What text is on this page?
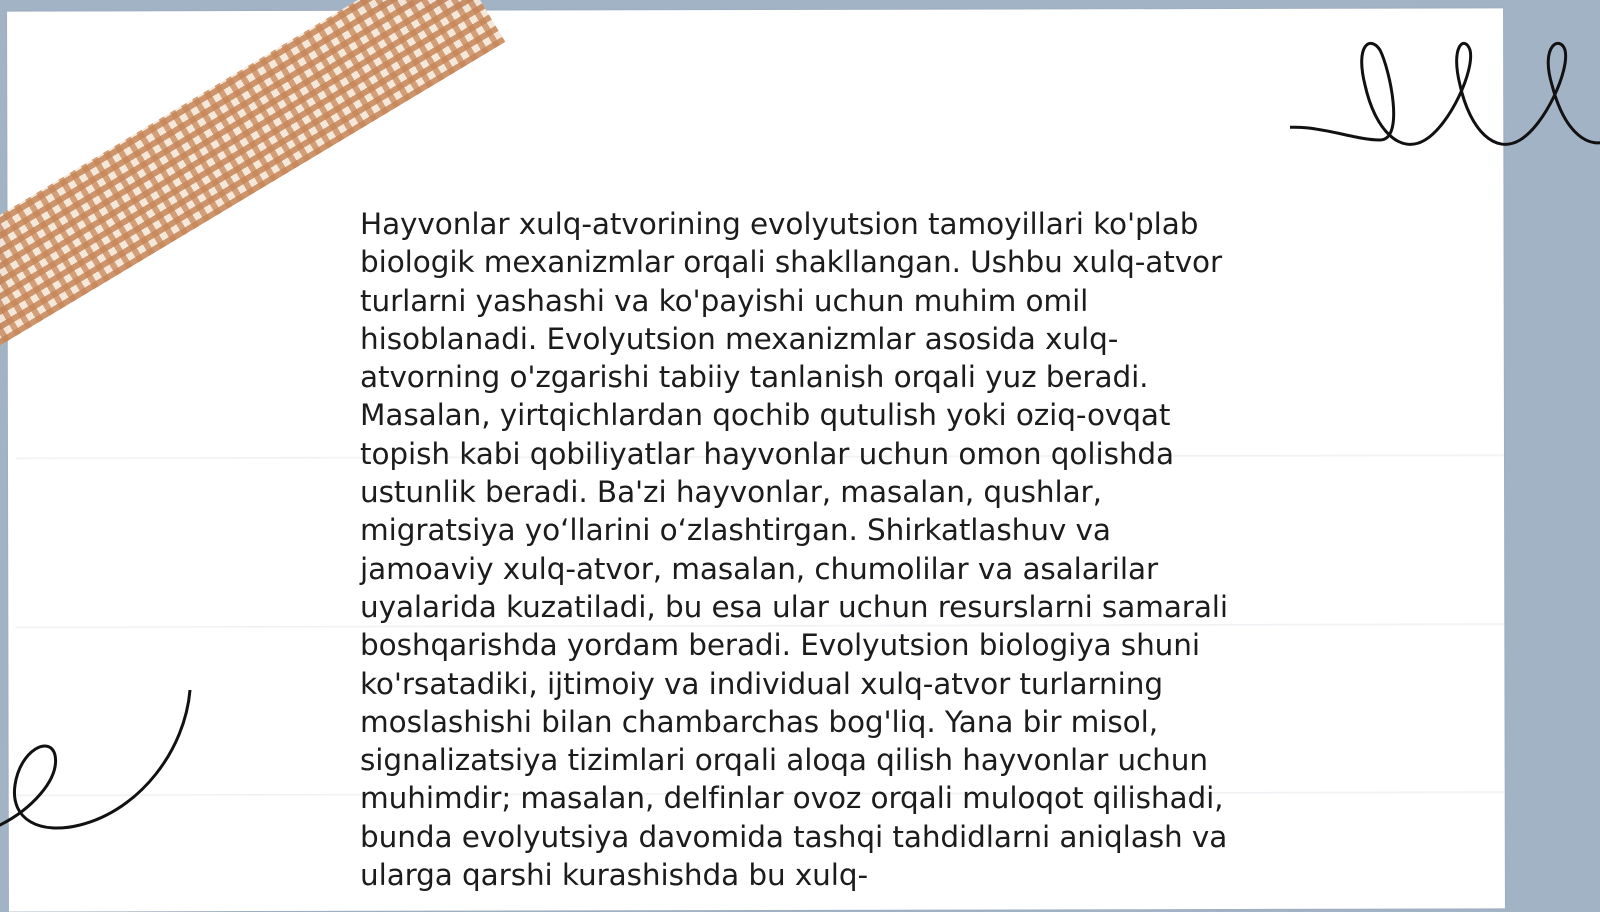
Hayvonlar xulq-atvorining evolyutsion tamoyillari ko'plab biologik mexanizmlar orqali shakllangan. Ushbu xulq-atvor turlarni yashashi va ko'payishi uchun muhim omil hisoblanadi. Evolyutsion mexanizmlar asosida xulq-atvorning o'zgarishi tabiiy tanlanish orqali yuz beradi. Masalan, yirtqichlardan qochib qutulish yoki oziq-ovqat topish kabi qobiliyatlar hayvonlar uchun omon qolishda ustunlik beradi. Ba'zi hayvonlar, masalan, qushlar, migratsiya yo‘llarini o‘zlashtirgan. Shirkatlashuv va jamoaviy xulq-atvor, masalan, chumolilar va asalarilar uyalarida kuzatiladi, bu esa ular uchun resurslarni samarali boshqarishda yordam beradi. Evolyutsion biologiya shuni ko'rsatadiki, ijtimoiy va individual xulq-atvor turlarning moslashishi bilan chambarchas bog'liq. Yana bir misol, signalizatsiya tizimlari orqali aloqa qilish hayvonlar uchun muhimdir; masalan, delfinlar ovoz orqali muloqot qilishadi, bunda evolyutsiya davomida tashqi tahdidlarni aniqlash va ularga qarshi kurashishda bu xulq-
